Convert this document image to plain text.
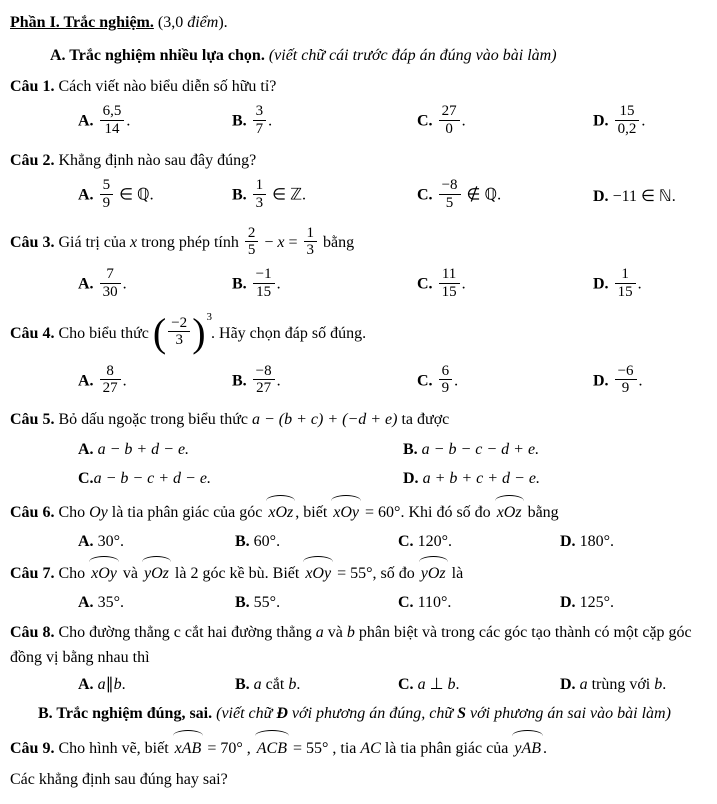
Phần I. Trắc nghiệm. (3,0 điểm).

A. Trắc nghiệm nhiều lựa chọn. (viết chữ cái trước đáp án đúng vào bài làm)

Câu 1. Cách viết nào biểu diễn số hữu tỉ?

A. $\frac{6,5}{14}$ .	B. $\frac{3}{7}$ .	C. $\frac{27}{0}$ .	D. $\frac{15}{0,2}$ .

Câu 2. Khẳng định nào sau đây đúng?

A. $\frac{5}{9}$ ∈ ℚ.	B. $\frac{1}{3}$ ∈ ℤ.	C. $\frac{-8}{5}$ ∉ ℚ.	D. −11 ∈ ℕ.

Câu 3. Giá trị của x trong phép tính $\frac{2}{5} - x = \frac{1}{3}$ bằng

A. $\frac{7}{30}$ .	B. $\frac{-1}{15}$ .	C. $\frac{11}{15}$ .	D. $\frac{1}{15}$ .

Câu 4. Cho biểu thức ( $\frac{-2}{3}$ ) 3
. Hãy chọn đáp số đúng.

A. $\frac{8}{27}$ .	B. $\frac{-8}{27}$ .	C. $\frac{6}{9}$ .	D. $\frac{-6}{9}$ .

Câu 5. Bỏ dấu ngoặc trong biểu thức a − (b + c) + (−d + e) ta được

A. a − b + d − e.	B. a − b − c − d + e.
C.a − b − c + d − e.	D. a + b + c + d − e.

Câu 6. Cho Oy là tia phân giác của góc xOz , biết xOy = 60°. Khi đó số đo xOz bằng

A. 30°.	B. 60°.	C. 120°.	D. 180°.

Câu 7. Cho xOy và yOz là 2 góc kề bù. Biết xOy = 55°, số đo yOz là

A. 35°.	B. 55°.	C. 110°.	D. 125°.

Câu 8. Cho đường thẳng c cắt hai đường thẳng a và b phân biệt và trong các góc tạo thành có một cặp góc đồng vị bằng nhau thì

A. a∥b.	B. a cắt b.	C. a ⊥ b.	D. a trùng với b.

B. Trắc nghiệm đúng, sai. (viết chữ Đ với phương án đúng, chữ S với phương án sai vào bài làm)

Câu 9. Cho hình vẽ, biết xAB = 70° , ACB = 55° , tia AC là tia phân giác của yAB .

Các khẳng định sau đúng hay sai?
